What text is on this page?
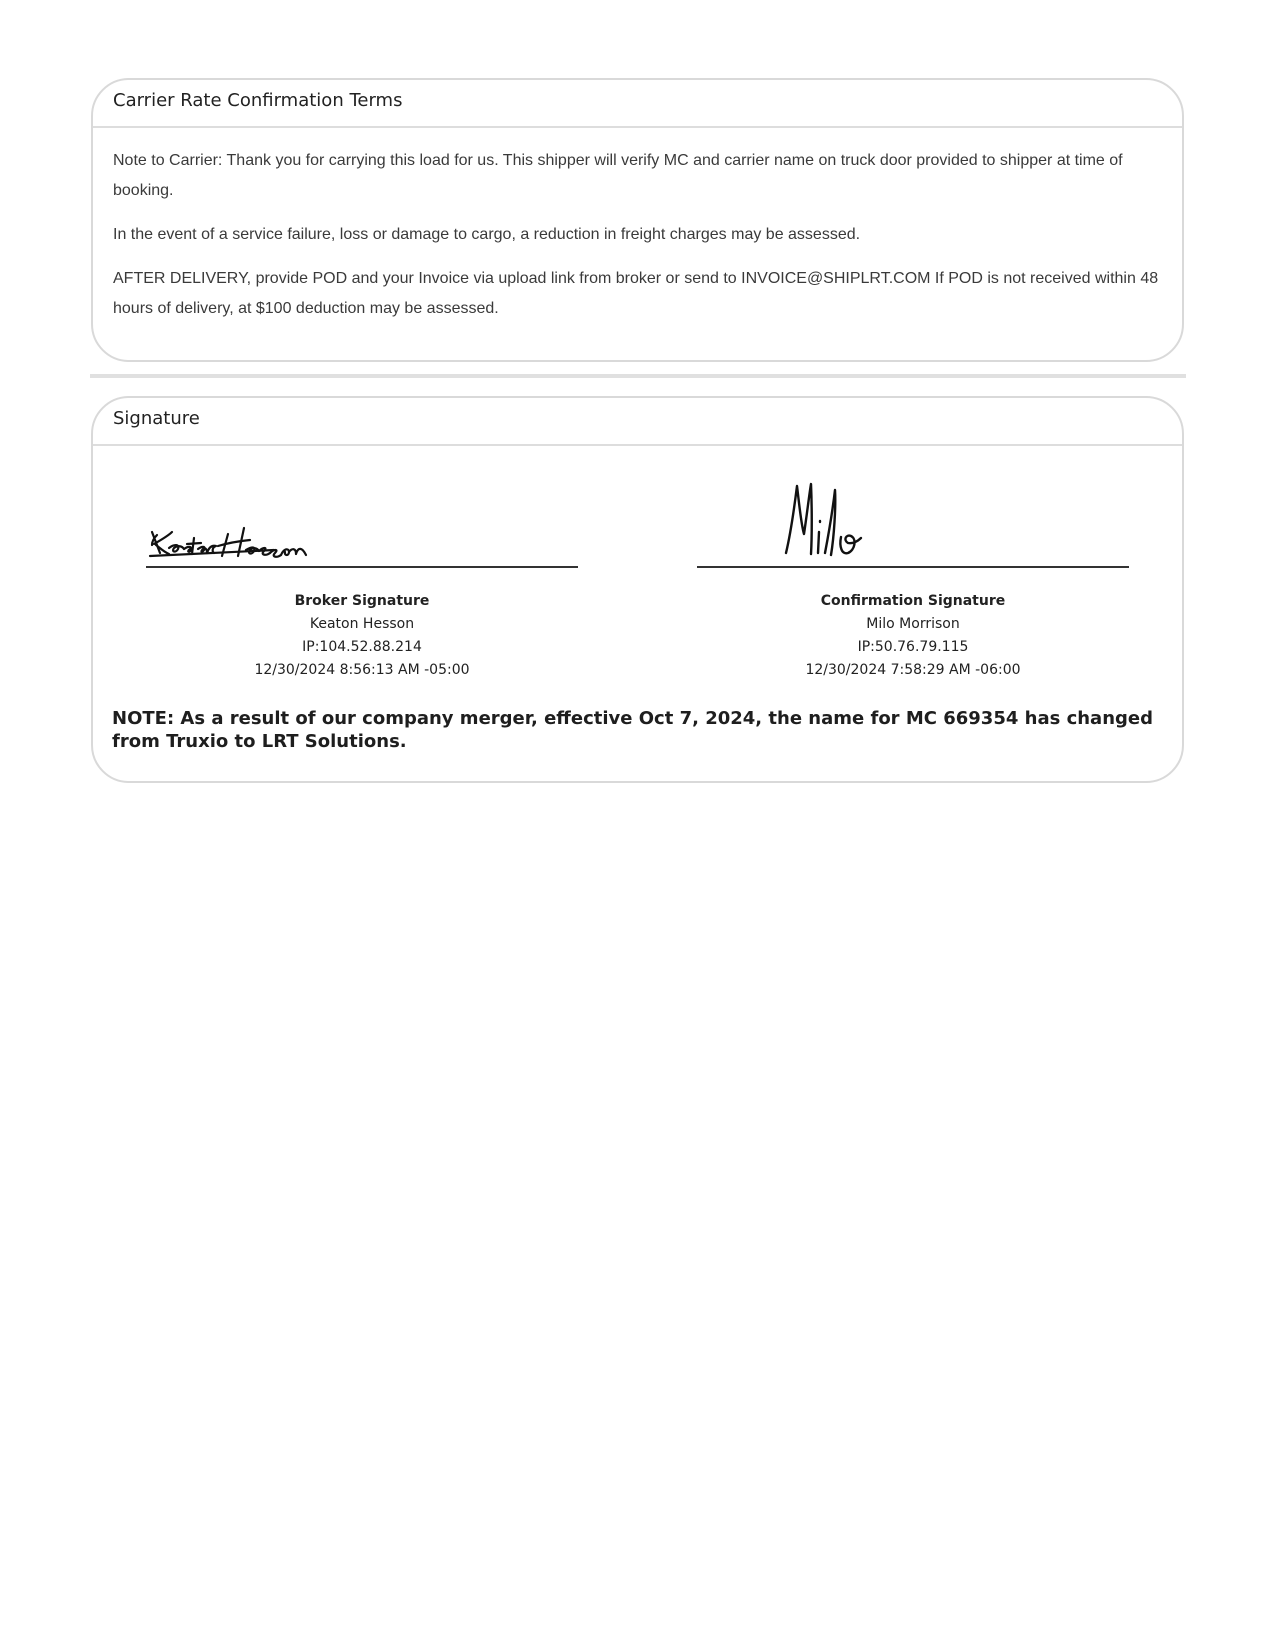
Carrier Rate Confirmation Terms

Note to Carrier: Thank you for carrying this load for us. This shipper will verify MC and carrier name on truck door provided to shipper at time of booking.

In the event of a service failure, loss or damage to cargo, a reduction in freight charges may be assessed.

AFTER DELIVERY, provide POD and your Invoice via upload link from broker or send to INVOICE@SHIPLRT.COM If POD is not received within 48 hours of delivery, at $100 deduction may be assessed.

Signature
Broker Signature
Keaton Hesson
IP:104.52.88.214
12/30/2024 8:56:13 AM -05:00
Confirmation Signature
Milo Morrison
IP:50.76.79.115
12/30/2024 7:58:29 AM -06:00

NOTE: As a result of our company merger, effective Oct 7, 2024, the name for MC 669354 has changed from Truxio to LRT Solutions.
